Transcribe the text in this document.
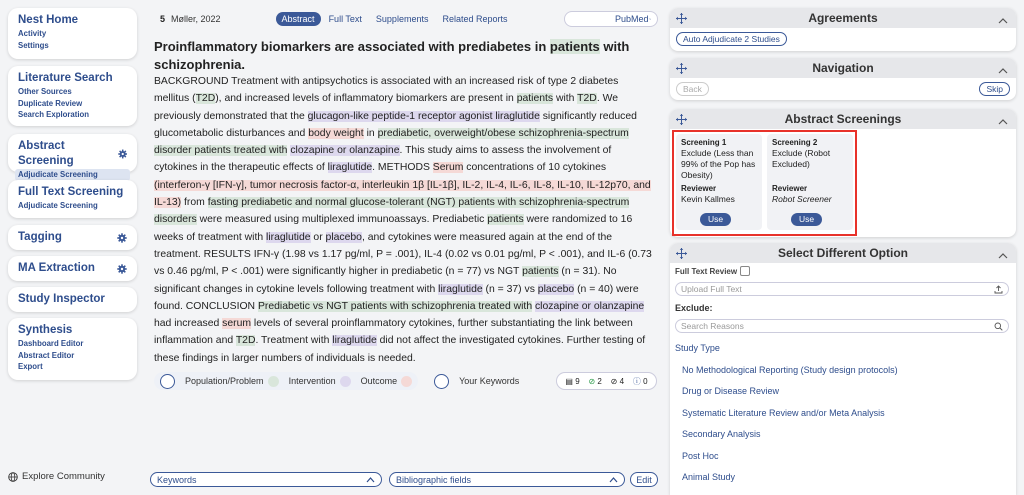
Nest Home
Activity
Settings
Literature Search
Other Sources
Duplicate Review
Search Exploration
Abstract Screening
Adjudicate Screening
Full Text Screening
Adjudicate Screening
Tagging
MA Extraction
Study Inspector
Synthesis
Dashboard Editor
Abstract Editor
Export
Explore Community
5 Møller, 2022	Abstract	Full Text	Supplements	Related Reports	PubMed
Proinflammatory biomarkers are associated with prediabetes in patients with schizophrenia.
BACKGROUND Treatment with antipsychotics is associated with an increased risk of type 2 diabetes mellitus (T2D), and increased levels of inflammatory biomarkers are present in patients with T2D. We previously demonstrated that the glucagon-like peptide-1 receptor agonist liraglutide significantly reduced glucometabolic disturbances and body weight in prediabetic, overweight/obese schizophrenia-spectrum disorder patients treated with clozapine or olanzapine. This study aims to assess the involvement of cytokines in the therapeutic effects of liraglutide. METHODS Serum concentrations of 10 cytokines (interferon-γ [IFN-γ], tumor necrosis factor-α, interleukin 1β [IL-1β], IL-2, IL-4, IL-6, IL-8, IL-10, IL-12p70, and IL-13) from fasting prediabetic and normal glucose-tolerant (NGT) patients with schizophrenia-spectrum disorders were measured using multiplexed immunoassays. Prediabetic patients were randomized to 16 weeks of treatment with liraglutide or placebo, and cytokines were measured again at the end of the treatment. RESULTS IFN-γ (1.98 vs 1.17 pg/ml, P = .001), IL-4 (0.02 vs 0.01 pg/ml, P < .001), and IL-6 (0.73 vs 0.46 pg/ml, P < .001) were significantly higher in prediabetic (n = 77) vs NGT patients (n = 31). No significant changes in cytokine levels following treatment with liraglutide (n = 37) vs placebo (n = 40) were found. CONCLUSION Prediabetic vs NGT patients with schizophrenia treated with clozapine or olanzapine had increased serum levels of several proinflammatory cytokines, further substantiating the link between inflammation and T2D. Treatment with liraglutide did not affect the investigated cytokines. Further testing of these findings in larger numbers of individuals is needed.
Population/Problem	Intervention	Outcome	Your Keywords	▤ 9 ⊘ 2 ⊘ 4 ⓘ 0
Keywords	Bibliographic fields	Edit
Agreements
Auto Adjudicate 2 Studies
Navigation
Back	Skip
Abstract Screenings
Screening 1
Exclude (Less than 99% of the Pop has Obesity)
Reviewer
Kevin Kallmes
Use
Screening 2
Exclude (Robot Excluded)
Reviewer
Robot Screener
Use
Select Different Option
Full Text Review
Upload Full Text
Exclude:
Search Reasons
Study Type
No Methodological Reporting (Study design protocols)
Drug or Disease Review
Systematic Literature Review and/or Meta Analysis
Secondary Analysis
Post Hoc
Animal Study
